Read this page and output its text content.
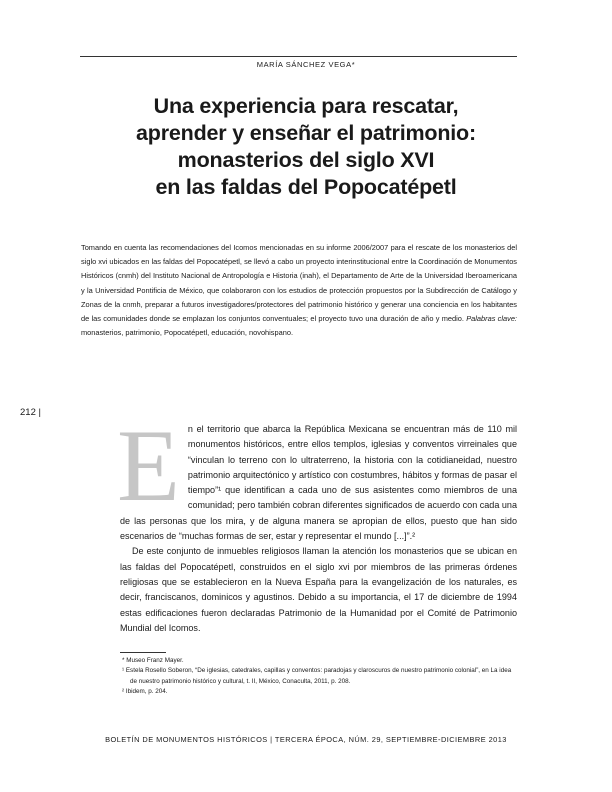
MARÍA SÁNCHEZ VEGA*
Una experiencia para rescatar,
aprender y enseñar el patrimonio:
monasterios del siglo XVI
en las faldas del Popocatépetl
Tomando en cuenta las recomendaciones del Icomos mencionadas en su informe 2006/2007 para el rescate de los monasterios del siglo xvi ubicados en las faldas del Popocatépetl, se llevó a cabo un proyecto interinstitucional entre la Coordinación de Monumentos Históricos (cnmh) del Instituto Nacional de Antropología e Historia (inah), el Departamento de Arte de la Universidad Iberoamericana y la Universidad Pontificia de México, que colaboraron con los estudios de protección propuestos por la Subdirección de Catálogo y Zonas de la cnmh, preparar a futuros investigadores/protectores del patrimonio histórico y generar una conciencia en los habitantes de las comunidades donde se emplazan los conjuntos conventuales; el proyecto tuvo una duración de año y medio. Palabras clave: monasterios, patrimonio, Popocatépetl, educación, novohispano.
212 | En el territorio que abarca la República Mexicana se encuentran más de 110 mil monumentos históricos, entre ellos templos, iglesias y conventos virreinales que “vinculan lo terreno con lo ultraterreno, la historia con la cotidianeidad, nuestro patrimonio arquitectónico y artístico con costumbres, hábitos y formas de pasar el tiempo”¹ que identifican a cada uno de sus asistentes como miembros de una comunidad; pero también cobran diferentes significados de acuerdo con cada una de las personas que los mira, y de alguna manera se apropian de ellos, puesto que han sido escenarios de “muchas formas de ser, estar y representar el mundo [...]”.²

De este conjunto de inmuebles religiosos llaman la atención los monasterios que se ubican en las faldas del Popocatépetl, construidos en el siglo xvi por miembros de las primeras órdenes religiosas que se establecieron en la Nueva España para la evangelización de los naturales, es decir, franciscanos, dominicos y agustinos. Debido a su importancia, el 17 de diciembre de 1994 estas edificaciones fueron declaradas Patrimonio de la Humanidad por el Comité de Patrimonio Mundial del Icomos.

* Museo Franz Mayer.
¹ Estela Rosello Soberon, “De iglesias, catedrales, capillas y conventos: paradojas y claroscuros de nuestro patrimonio colonial”, en La idea de nuestro patrimonio histórico y cultural, t. II, México, Conaculta, 2011, p. 208.
² Ibidem, p. 204.
BOLETÍN DE MONUMENTOS HISTÓRICOS | TERCERA ÉPOCA, NÚM. 29, SEPTIEMBRE-DICIEMBRE 2013
